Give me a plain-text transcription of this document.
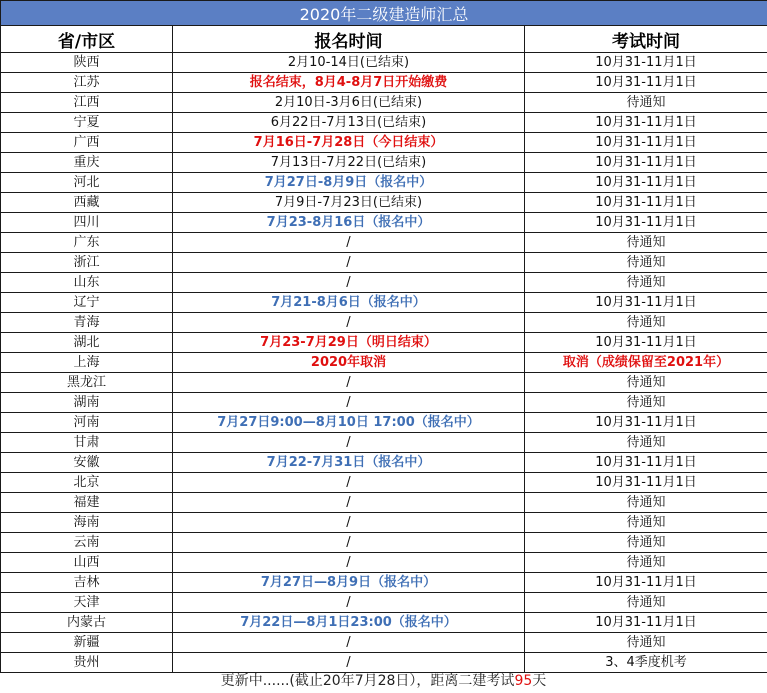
2020年二级建造师汇总		
省/市区	报名时间	考试时间
陕西	2月10-14日(已结束)	10月31-11月1日
江苏	报名结束，8月4-8月7日开始缴费	10月31-11月1日
江西	2月10日-3月6日(已结束)	待通知
宁夏	6月22日-7月13日(已结束)	10月31-11月1日
广西	7月16日-7月28日（今日结束）	10月31-11月1日
重庆	7月13日-7月22日(已结束)	10月31-11月1日
河北	7月27日-8月9日（报名中）	10月31-11月1日
西藏	7月9日-7月23日(已结束)	10月31-11月1日
四川	7月23-8月16日（报名中）	10月31-11月1日
广东	/	待通知
浙江	/	待通知
山东	/	待通知
辽宁	7月21-8月6日（报名中）	10月31-11月1日
青海	/	待通知
湖北	7月23-7月29日（明日结束）	10月31-11月1日
上海	2020年取消	取消（成绩保留至2021年）
黑龙江	/	待通知
湖南	/	待通知
河南	7月27日9:00—8月10日 17:00（报名中）	10月31-11月1日
甘肃	/	待通知
安徽	7月22-7月31日（报名中）	10月31-11月1日
北京	/	10月31-11月1日
福建	/	待通知
海南	/	待通知
云南	/	待通知
山西	/	待通知
吉林	7月27日—8月9日（报名中）	10月31-11月1日
天津	/	待通知
内蒙古	7月22日—8月1日23:00（报名中）	10月31-11月1日
新疆	/	待通知
贵州	/	3、4季度机考
更新中......(截止20年7月28日），距离二建考试95天
